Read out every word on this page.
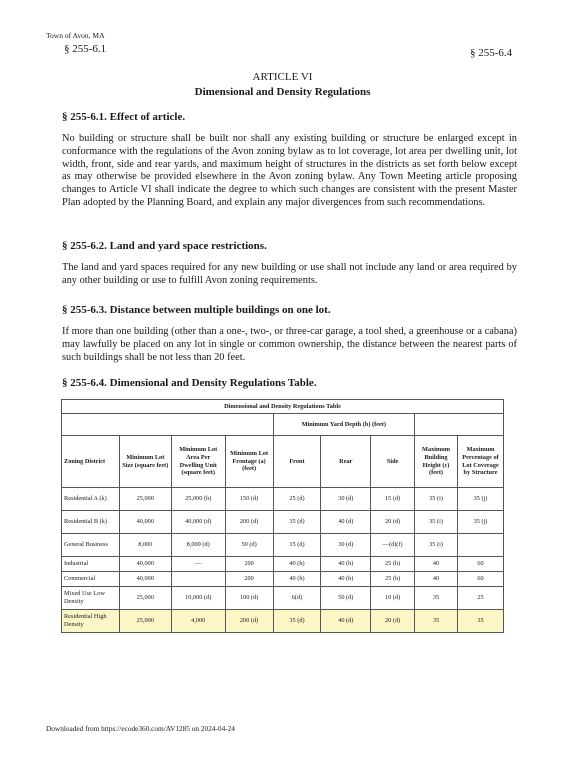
Town of Avon, MA
§ 255-6.1	§ 255-6.4
ARTICLE VI
Dimensional and Density Regulations
§ 255-6.1. Effect of article.
No building or structure shall be built nor shall any existing building or structure be enlarged except in conformance with the regulations of the Avon zoning bylaw as to lot coverage, lot area per dwelling unit, lot width, front, side and rear yards, and maximum height of structures in the districts as set forth below except as may otherwise be provided elsewhere in the Avon zoning bylaw. Any Town Meeting article proposing changes to Article VI shall indicate the degree to which such changes are consistent with the present Master Plan adopted by the Planning Board, and explain any major divergences from such recommendations.
§ 255-6.2. Land and yard space restrictions.
The land and yard spaces required for any new building or use shall not include any land or area required by any other building or use to fulfill Avon zoning requirements.
§ 255-6.3. Distance between multiple buildings on one lot.
If more than one building (other than a one-, two-, or three-car garage, a tool shed, a greenhouse or a cabana) may lawfully be placed on any lot in single or common ownership, the distance between the nearest parts of such buildings shall be not less than 20 feet.
§ 255-6.4. Dimensional and Density Regulations Table.
Dimensional and Density Regulations Table								
				Minimum Yard Depth (b) (feet)				
Zoning District	Minimum Lot Size (square feet)	Minimum Lot Area Per Dwelling Unit (square feet)	Minimum Lot Frontage (a) (feet)	Front	Rear	Side	Maximum Building Height (c) (feet)	Maximum Percentage of Lot Coverage by Structure
Residential A (k)	25,000	25,000 (b)	150 (d)	25 (d)	30 (d)	15 (d)	35 (i)	35 (j)
Residential B (k)	40,000	40,000 (d)	200 (d)	35 (d)	40 (d)	20 (d)	35 (i)	35 (j)
General Business	8,000	8,000 (d)	50 (d)	15 (d)	30 (d)	—(d)(f)	35 (i)	
Industrial	40,000	—	200	40 (h)	40 (h)	25 (h)	40	60
Commercial	40,000		200	40 (h)	40 (h)	25 (h)	40	60
Mixed Use Low Density	25,000	10,000 (d)	100 (d)	6(d)	50 (d)	10 (d)	35	25
Residential High Density	25,000	4,000	200 (d)	35 (d)	40 (d)	20 (d)	35	35
Downloaded from https://ecode360.com/AV1285 on 2024-04-24
